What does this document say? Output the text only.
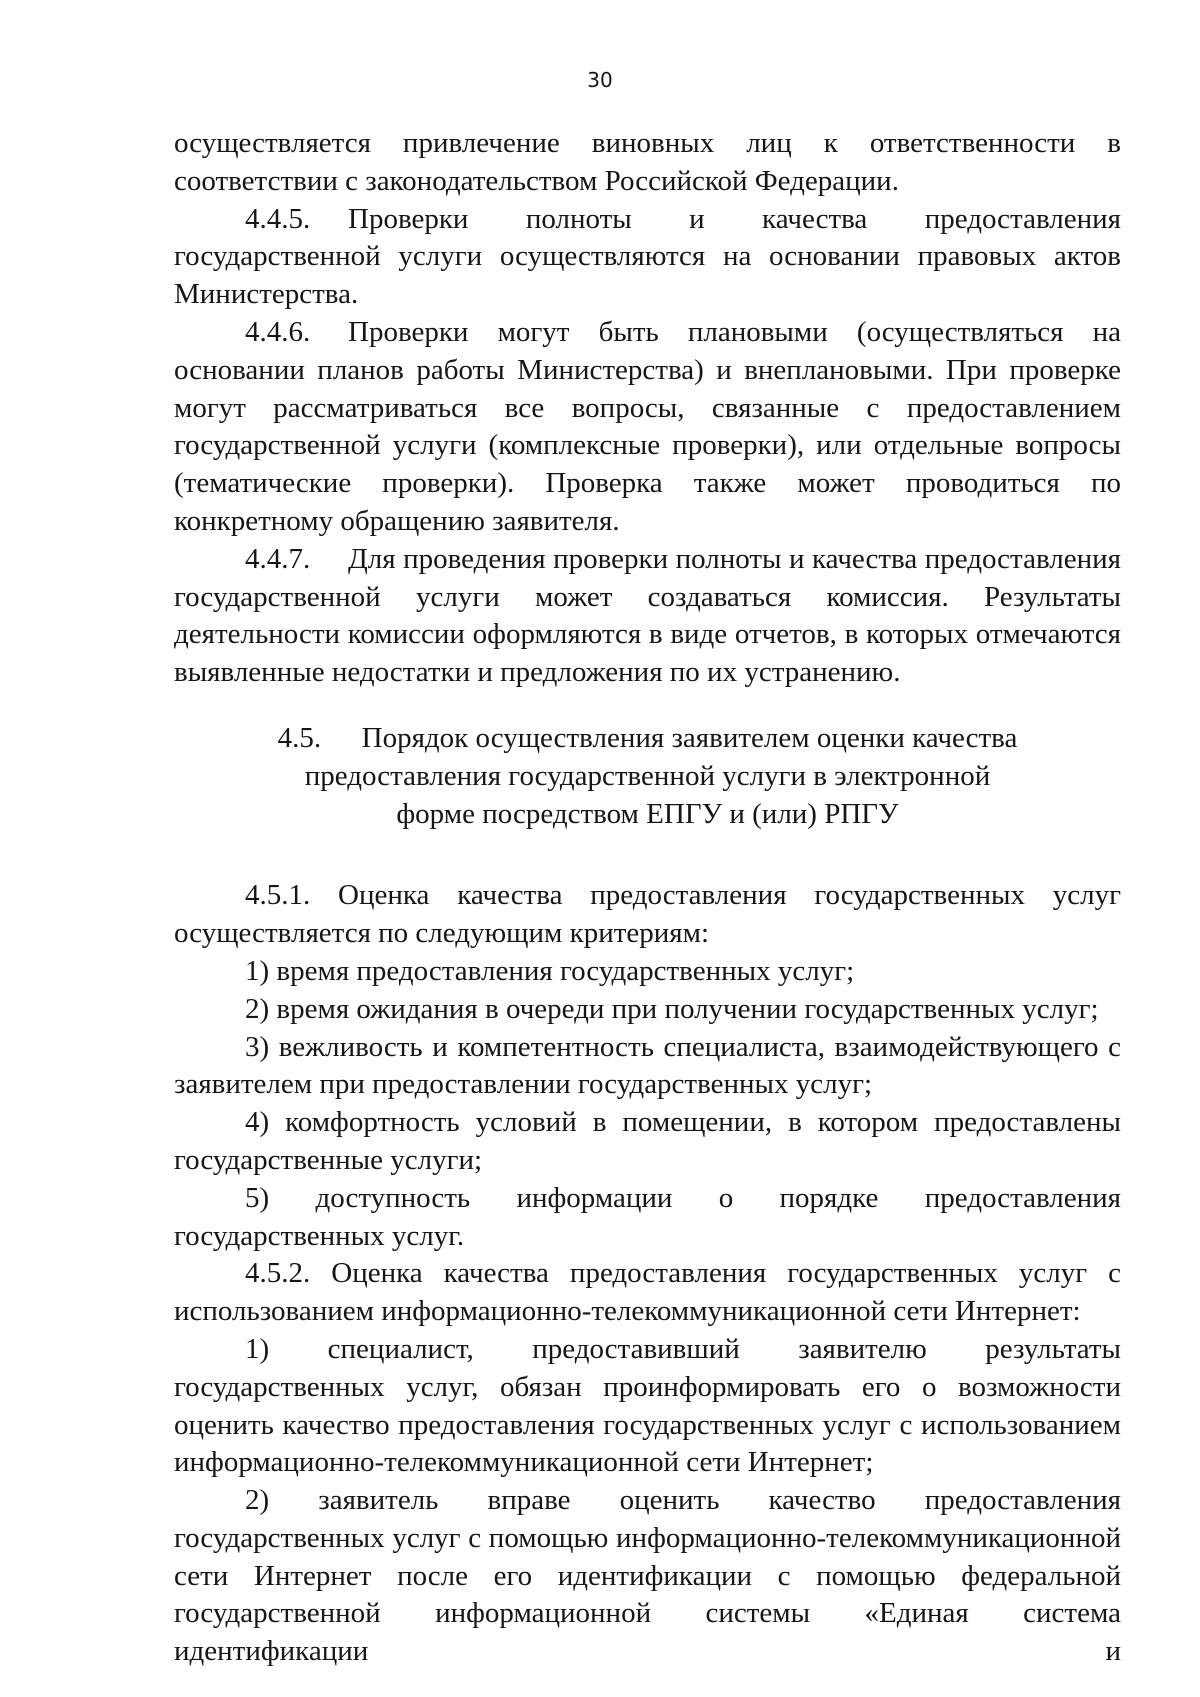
30

осуществляется привлечение виновных лиц к ответственности в соответствии с законодательством Российской Федерации.

4.4.5. Проверки полноты и качества предоставления государственной услуги осуществляются на основании правовых актов Министерства.

4.4.6. Проверки могут быть плановыми (осуществляться на основании планов работы Министерства) и внеплановыми. При проверке могут рассматриваться все вопросы, связанные с предоставлением государственной услуги (комплексные проверки), или отдельные вопросы (тематические проверки). Проверка также может проводиться по конкретному обращению заявителя.

4.4.7. Для проведения проверки полноты и качества предоставления государственной услуги может создаваться комиссия. Результаты деятельности комиссии оформляются в виде отчетов, в которых отмечаются выявленные недостатки и предложения по их устранению.

4.5. Порядок осуществления заявителем оценки качества
предоставления государственной услуги в электронной
форме посредством ЕПГУ и (или) РПГУ

4.5.1. Оценка качества предоставления государственных услуг осуществляется по следующим критериям:

1) время предоставления государственных услуг;

2) время ожидания в очереди при получении государственных услуг;

3) вежливость и компетентность специалиста, взаимодействующего с заявителем при предоставлении государственных услуг;

4) комфортность условий в помещении, в котором предоставлены государственные услуги;

5) доступность информации о порядке предоставления государственных услуг.

4.5.2. Оценка качества предоставления государственных услуг с использованием информационно-телекоммуникационной сети Интернет:

1) специалист, предоставивший заявителю результаты государственных услуг, обязан проинформировать его о возможности оценить качество предоставления государственных услуг с использованием информационно-телекоммуникационной сети Интернет;

2) заявитель вправе оценить качество предоставления государственных услуг с помощью информационно-телекоммуникационной сети Интернет после его идентификации с помощью федеральной государственной информационной системы «Единая система идентификации и
